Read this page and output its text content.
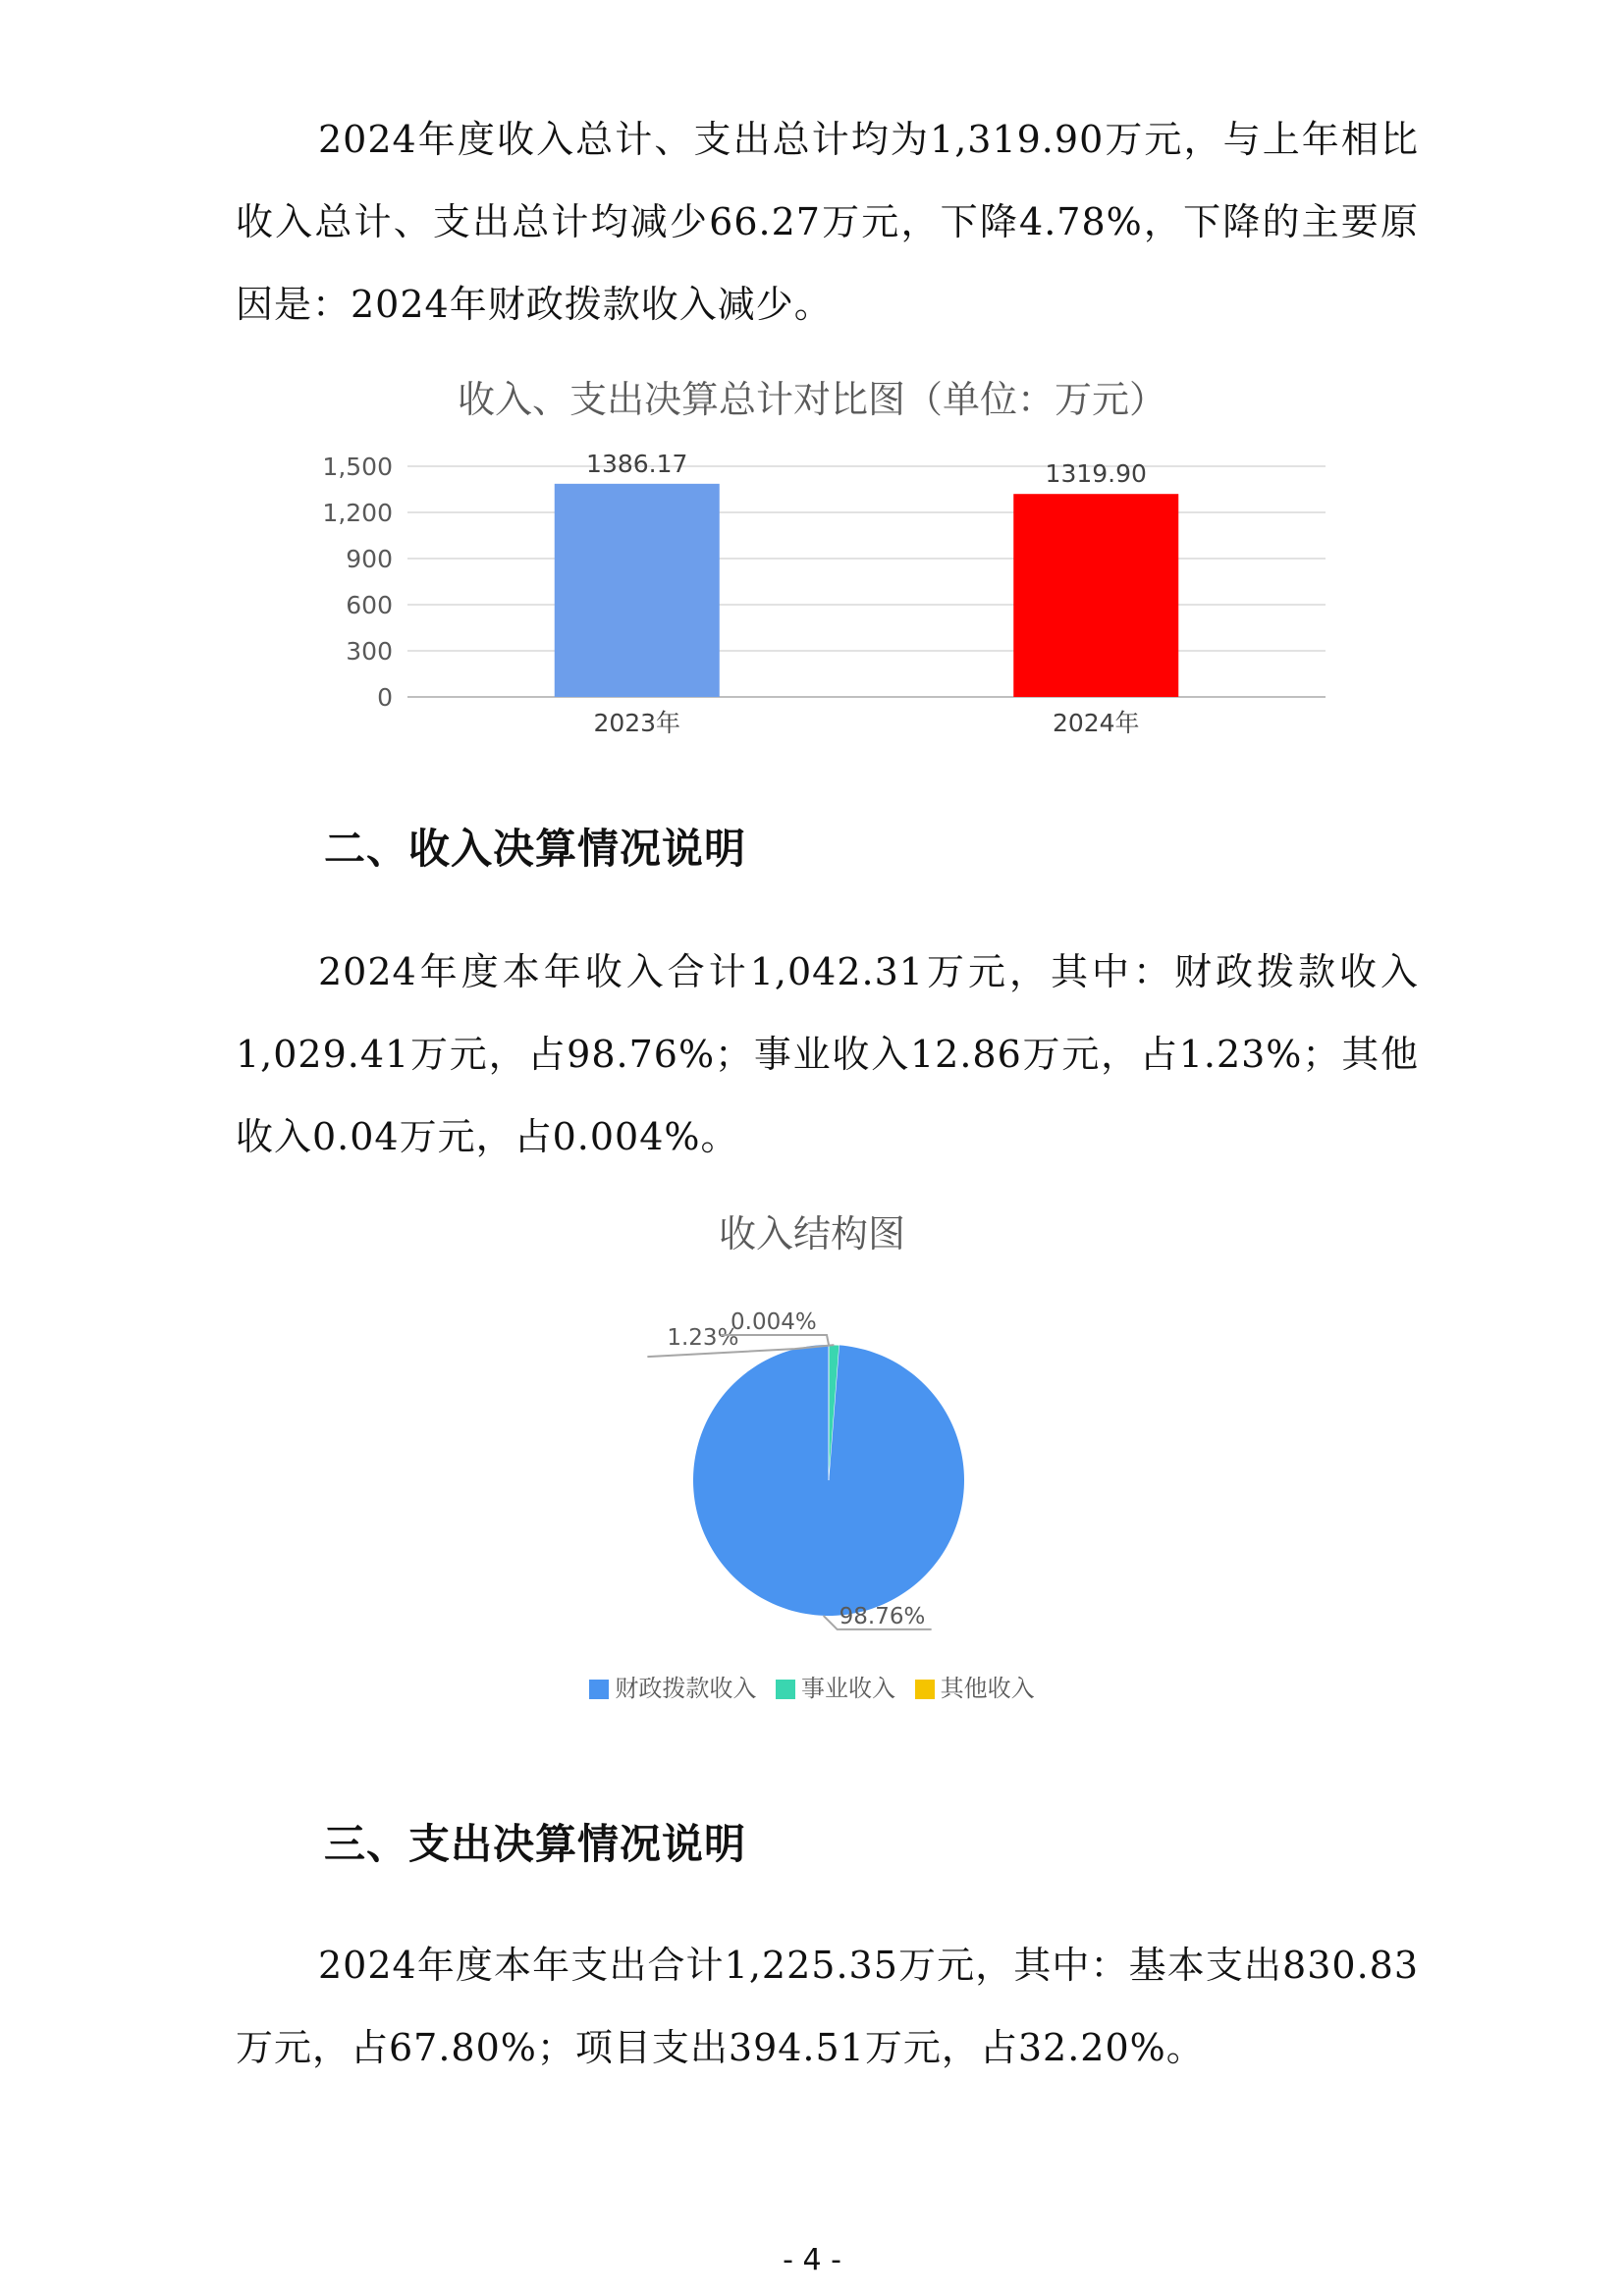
2024年度收入总计、支出总计均为1,319.90万元，与上年相比收入总计、支出总计均减少66.27万元，下降4.78%，下降的主要原因是：2024年财政拨款收入减少。

收入、支出决算总计对比图（单位：万元）

0
300
600
900
1,200
1,500	1386.17
2023年
1319.90
2024年
二、收入决算情况说明

2024年度本年收入合计1,042.31万元，其中：财政拨款收入1,029.41万元，占98.76%；事业收入12.86万元，占1.23%；其他收入0.04万元，占0.004%。

收入结构图

98.76%
1.23%
0.004%
财政拨款收入 事业收入 其他收入
三、支出决算情况说明

2024年度本年支出合计1,225.35万元，其中：基本支出830.83万元，占67.80%；项目支出394.51万元，占32.20%。

- 4 -
